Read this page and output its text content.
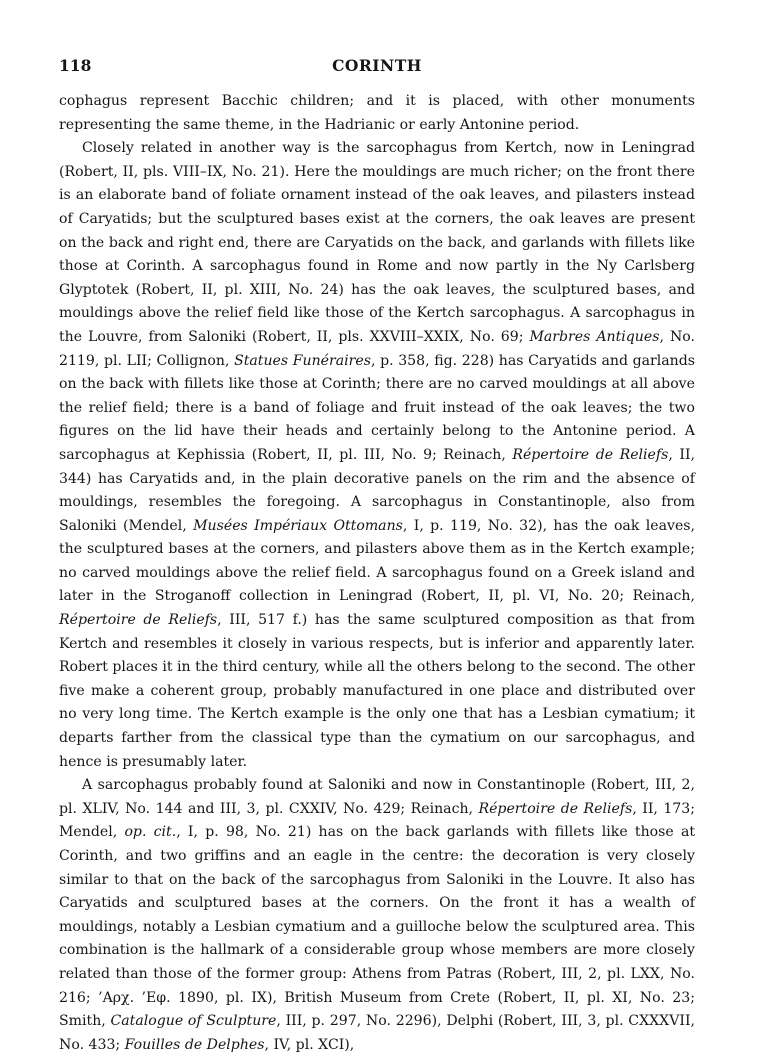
118	CORINTH

cophagus represent Bacchic children; and it is placed, with other monuments representing the same theme, in the Hadrianic or early Antonine period.

Closely related in another way is the sarcophagus from Kertch, now in Leningrad (Robert, II, pls. VIII–IX, No. 21). Here the mouldings are much richer; on the front there is an elaborate band of foliate ornament instead of the oak leaves, and pilasters instead of Caryatids; but the sculptured bases exist at the corners, the oak leaves are present on the back and right end, there are Caryatids on the back, and garlands with fillets like those at Corinth. A sarcophagus found in Rome and now partly in the Ny Carlsberg Glyptotek (Robert, II, pl. XIII, No. 24) has the oak leaves, the sculptured bases, and mouldings above the relief field like those of the Kertch sarcophagus. A sarcophagus in the Louvre, from Saloniki (Robert, II, pls. XXVIII–XXIX, No. 69; Marbres Antiques, No. 2119, pl. LII; Collignon, Statues Funéraires, p. 358, fig. 228) has Caryatids and garlands on the back with fillets like those at Corinth; there are no carved mouldings at all above the relief field; there is a band of foliage and fruit instead of the oak leaves; the two figures on the lid have their heads and certainly belong to the Antonine period. A sarcophagus at Kephissia (Robert, II, pl. III, No. 9; Reinach, Répertoire de Reliefs, II, 344) has Caryatids and, in the plain decorative panels on the rim and the absence of mouldings, resembles the foregoing. A sarcophagus in Constantinople, also from Saloniki (Mendel, Musées Impériaux Ottomans, I, p. 119, No. 32), has the oak leaves, the sculptured bases at the corners, and pilasters above them as in the Kertch example; no carved mouldings above the relief field. A sarcophagus found on a Greek island and later in the Stroganoff collection in Leningrad (Robert, II, pl. VI, No. 20; Reinach, Répertoire de Reliefs, III, 517 f.) has the same sculptured composition as that from Kertch and resembles it closely in various respects, but is inferior and apparently later. Robert places it in the third century, while all the others belong to the second. The other five make a coherent group, probably manufactured in one place and distributed over no very long time. The Kertch example is the only one that has a Lesbian cymatium; it departs farther from the classical type than the cymatium on our sarcophagus, and hence is presumably later.

A sarcophagus probably found at Saloniki and now in Constantinople (Robert, III, 2, pl. XLIV, No. 144 and III, 3, pl. CXXIV, No. 429; Reinach, Répertoire de Reliefs, II, 173; Mendel, op. cit., I, p. 98, No. 21) has on the back garlands with fillets like those at Corinth, and two griffins and an eagle in the centre: the decoration is very closely similar to that on the back of the sarcophagus from Saloniki in the Louvre. It also has Caryatids and sculptured bases at the corners. On the front it has a wealth of mouldings, notably a Lesbian cymatium and a guilloche below the sculptured area. This combination is the hallmark of a considerable group whose members are more closely related than those of the former group: Athens from Patras (Robert, III, 2, pl. LXX, No. 216; ’Αρχ. ’Εφ. 1890, pl. IX), British Museum from Crete (Robert, II, pl. XI, No. 23; Smith, Catalogue of Sculpture, III, p. 297, No. 2296), Delphi (Robert, III, 3, pl. CXXXVII, No. 433; Fouilles de Delphes, IV, pl. XCI),
